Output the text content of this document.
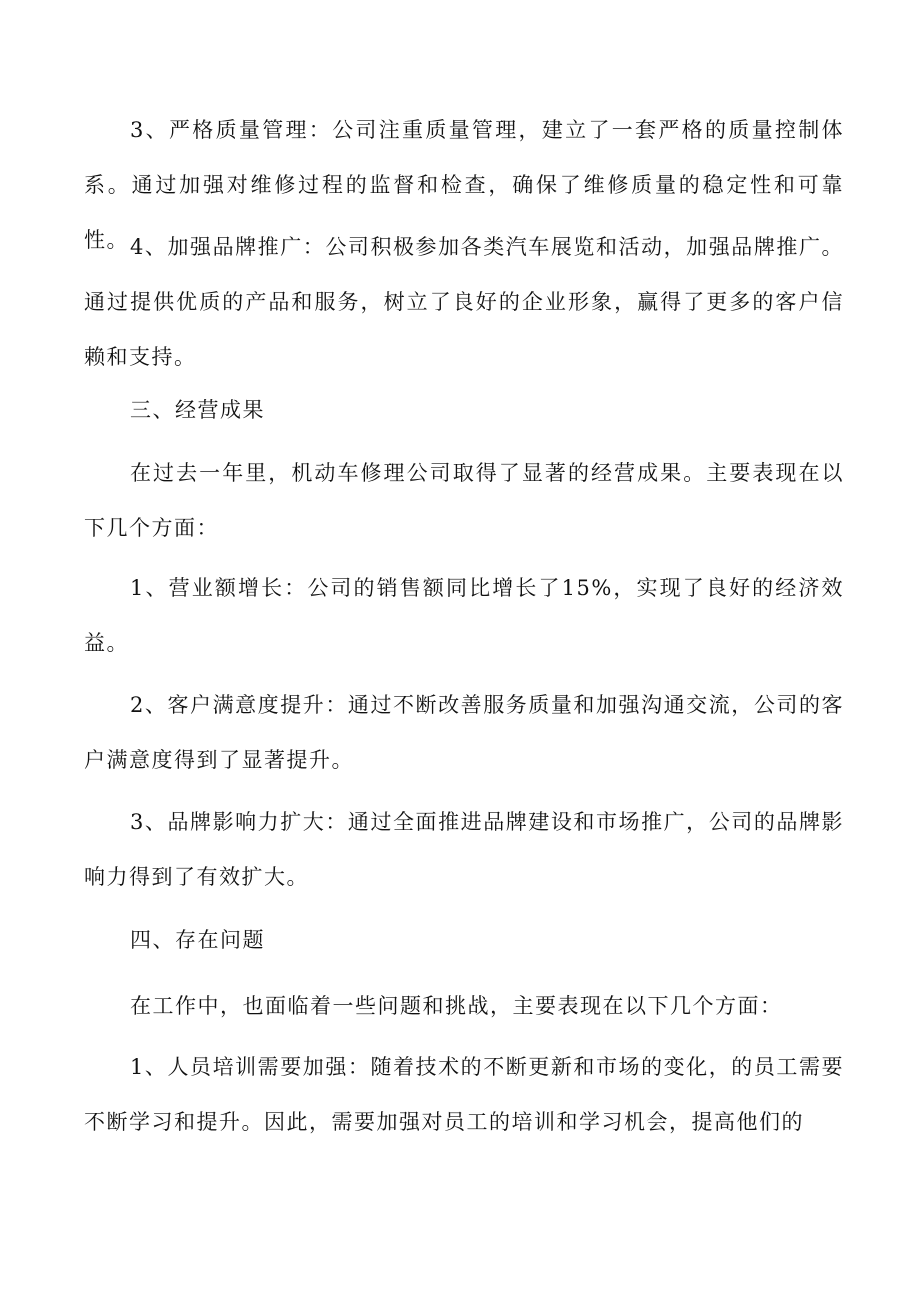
3、严格质量管理：公司注重质量管理，建立了一套严格的质量控制体系。通过加强对维修过程的监督和检查，确保了维修质量的稳定性和可靠性。 4、加强品牌推广：公司积极参加各类汽车展览和活动，加强品牌推广。通过提供优质的产品和服务，树立了良好的企业形象，赢得了更多的客户信赖和支持。

三、经营成果

在过去一年里，机动车修理公司取得了显著的经营成果。主要表现在以下几个方面：

1、营业额增长：公司的销售额同比增长了15%，实现了良好的经济效益。

2、客户满意度提升：通过不断改善服务质量和加强沟通交流，公司的客户满意度得到了显著提升。

3、品牌影响力扩大：通过全面推进品牌建设和市场推广，公司的品牌影响力得到了有效扩大。

四、存在问题

在工作中，也面临着一些问题和挑战，主要表现在以下几个方面：

1、人员培训需要加强：随着技术的不断更新和市场的变化，的员工需要不断学习和提升。因此，需要加强对员工的培训和学习机会，提高他们的
